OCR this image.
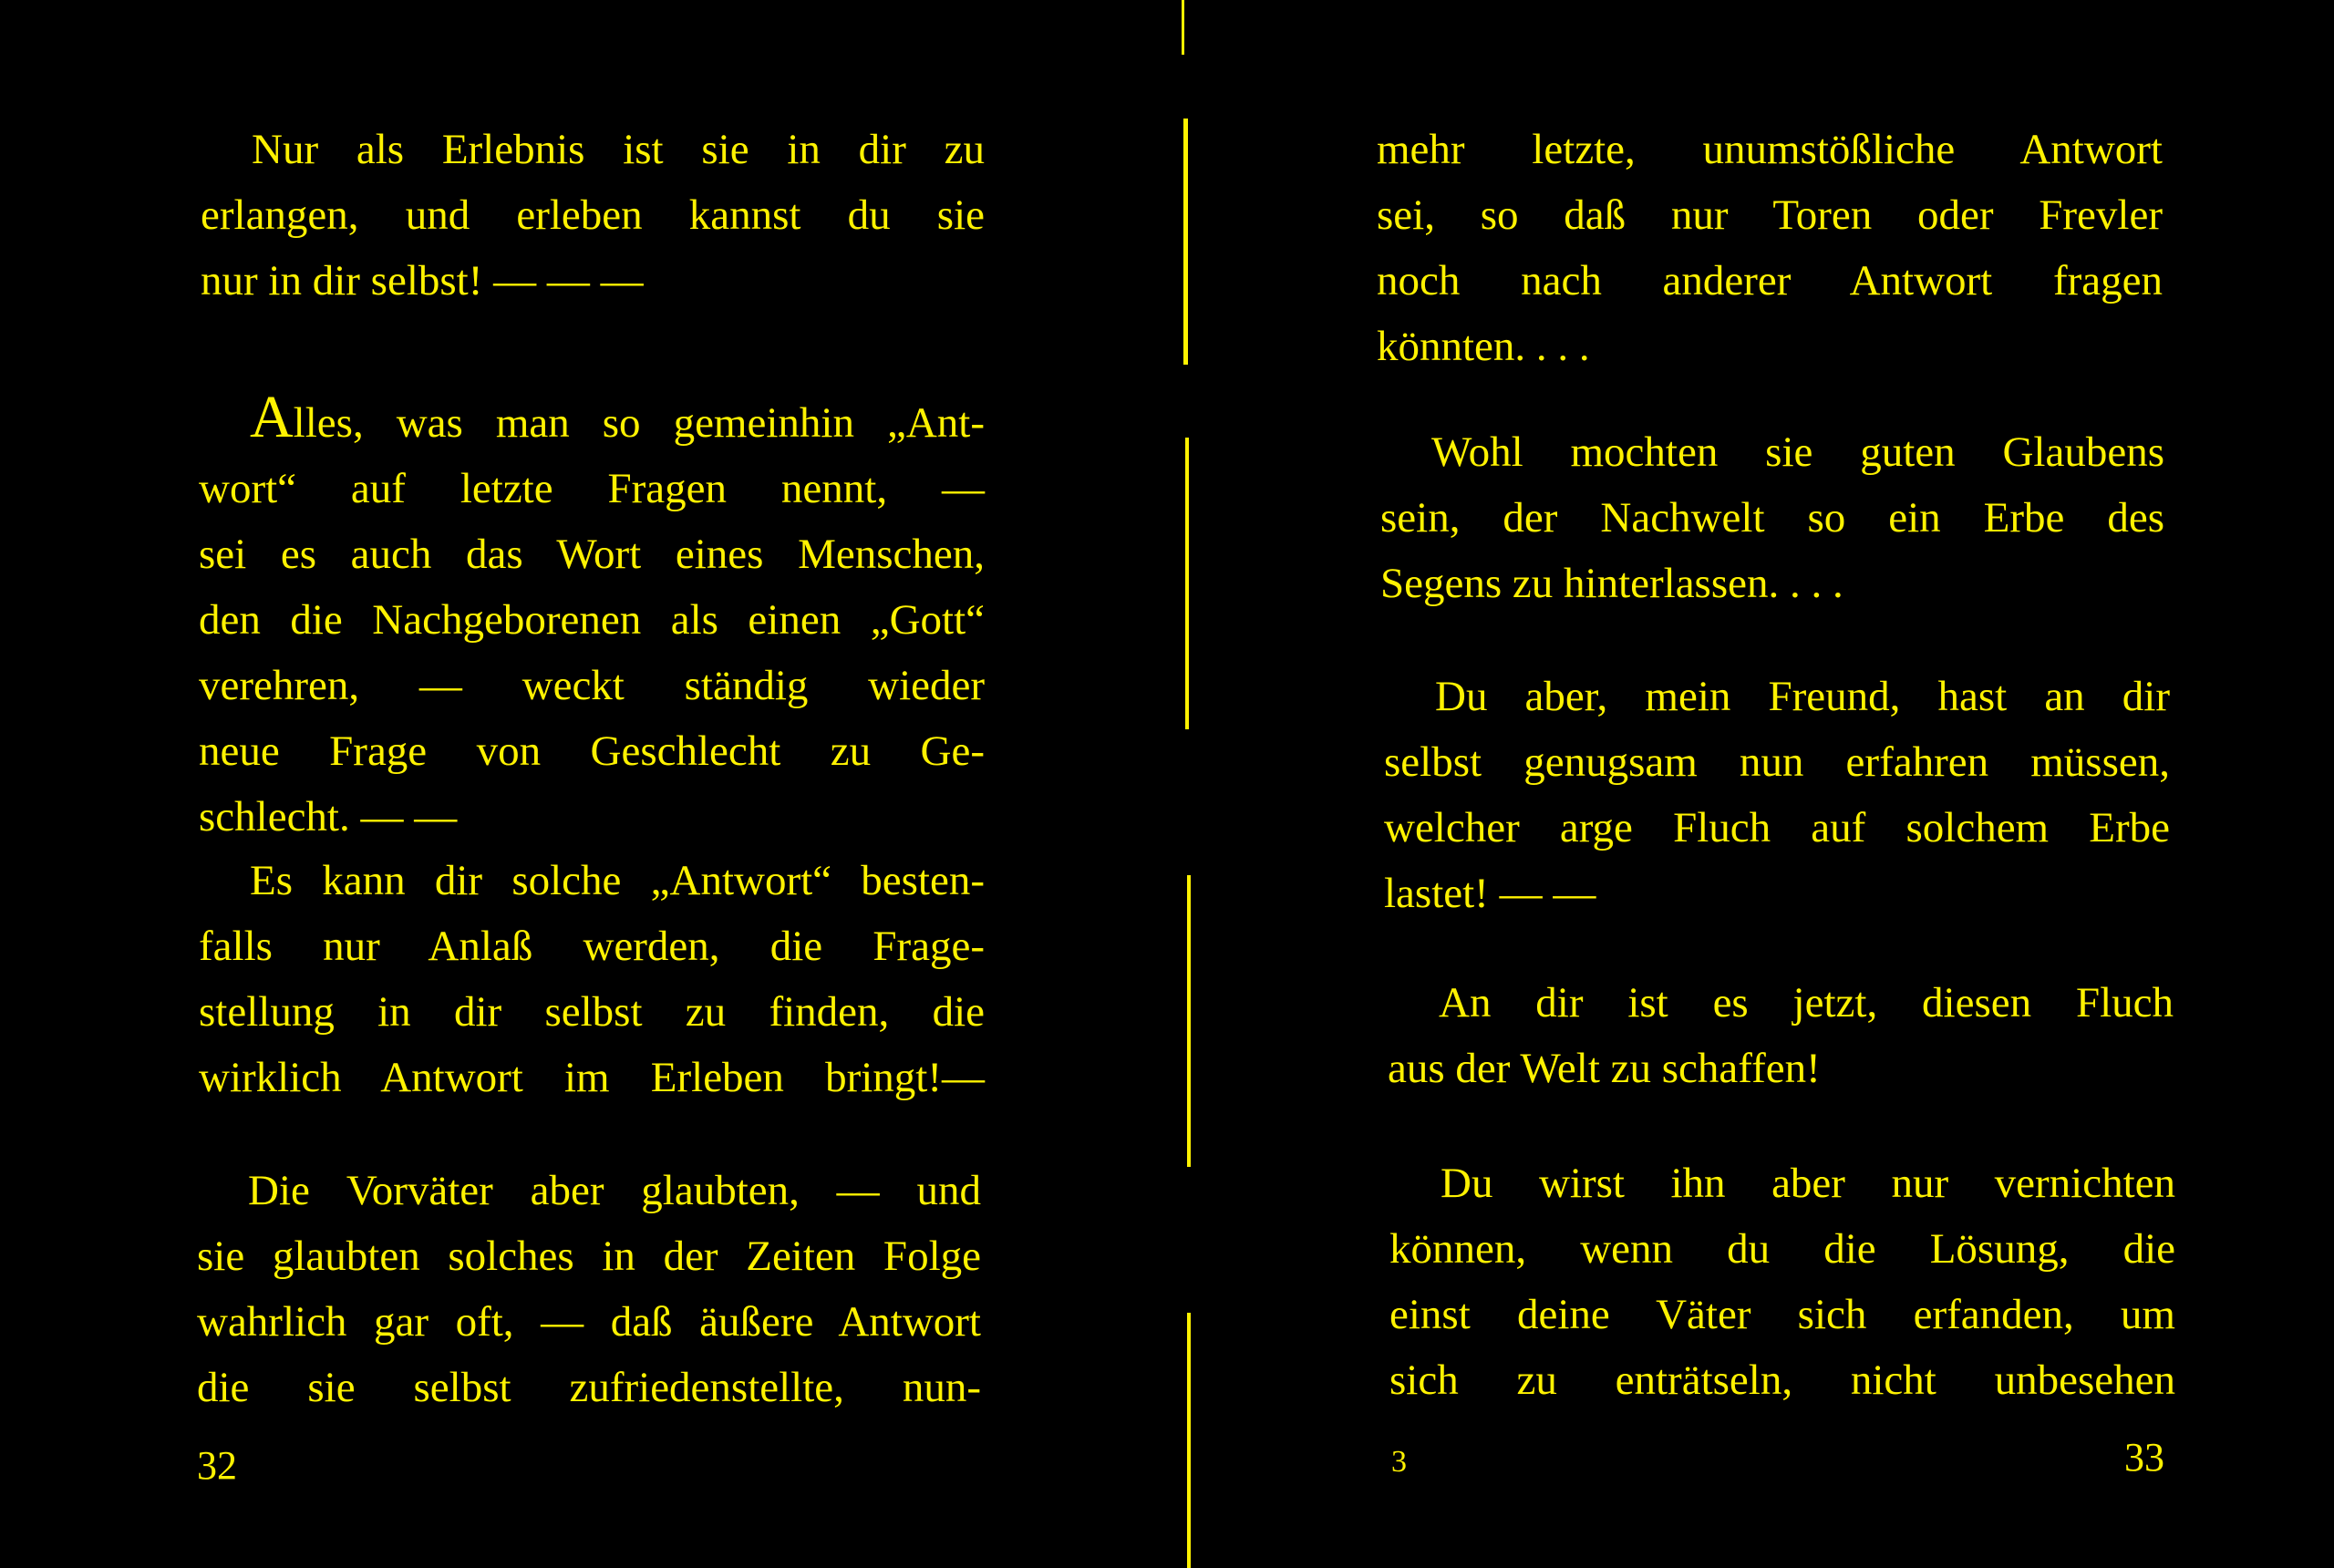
Nur als Erlebnis ist sie in dir zu
erlangen, und erleben kannst du sie
nur in dir selbst! — — —
Alles, was man so gemeinhin „Ant-
wort“ auf letzte Fragen nennt, —
sei es auch das Wort eines Menschen,
den die Nachgeborenen als einen „Gott“
verehren, — weckt ständig wieder
neue Frage von Geschlecht zu Ge-
schlecht. — —
Es kann dir solche „Antwort“ besten-
falls nur Anlaß werden, die Frage-
stellung in dir selbst zu finden, die
wirklich Antwort im Erleben bringt!—
Die Vorväter aber glaubten, — und
sie glaubten solches in der Zeiten Folge
wahrlich gar oft, — daß äußere Antwort
die sie selbst zufriedenstellte, nun-
32
mehr letzte, unumstößliche Antwort
sei, so daß nur Toren oder Frevler
noch nach anderer Antwort fragen
könnten. . . .
Wohl mochten sie guten Glaubens
sein, der Nachwelt so ein Erbe des
Segens zu hinterlassen. . . .
Du aber, mein Freund, hast an dir
selbst genugsam nun erfahren müssen,
welcher arge Fluch auf solchem Erbe
lastet! — —
An dir ist es jetzt, diesen Fluch
aus der Welt zu schaffen!
Du wirst ihn aber nur vernichten
können, wenn du die Lösung, die
einst deine Väter sich erfanden, um
sich zu enträtseln, nicht unbesehen
3	33
